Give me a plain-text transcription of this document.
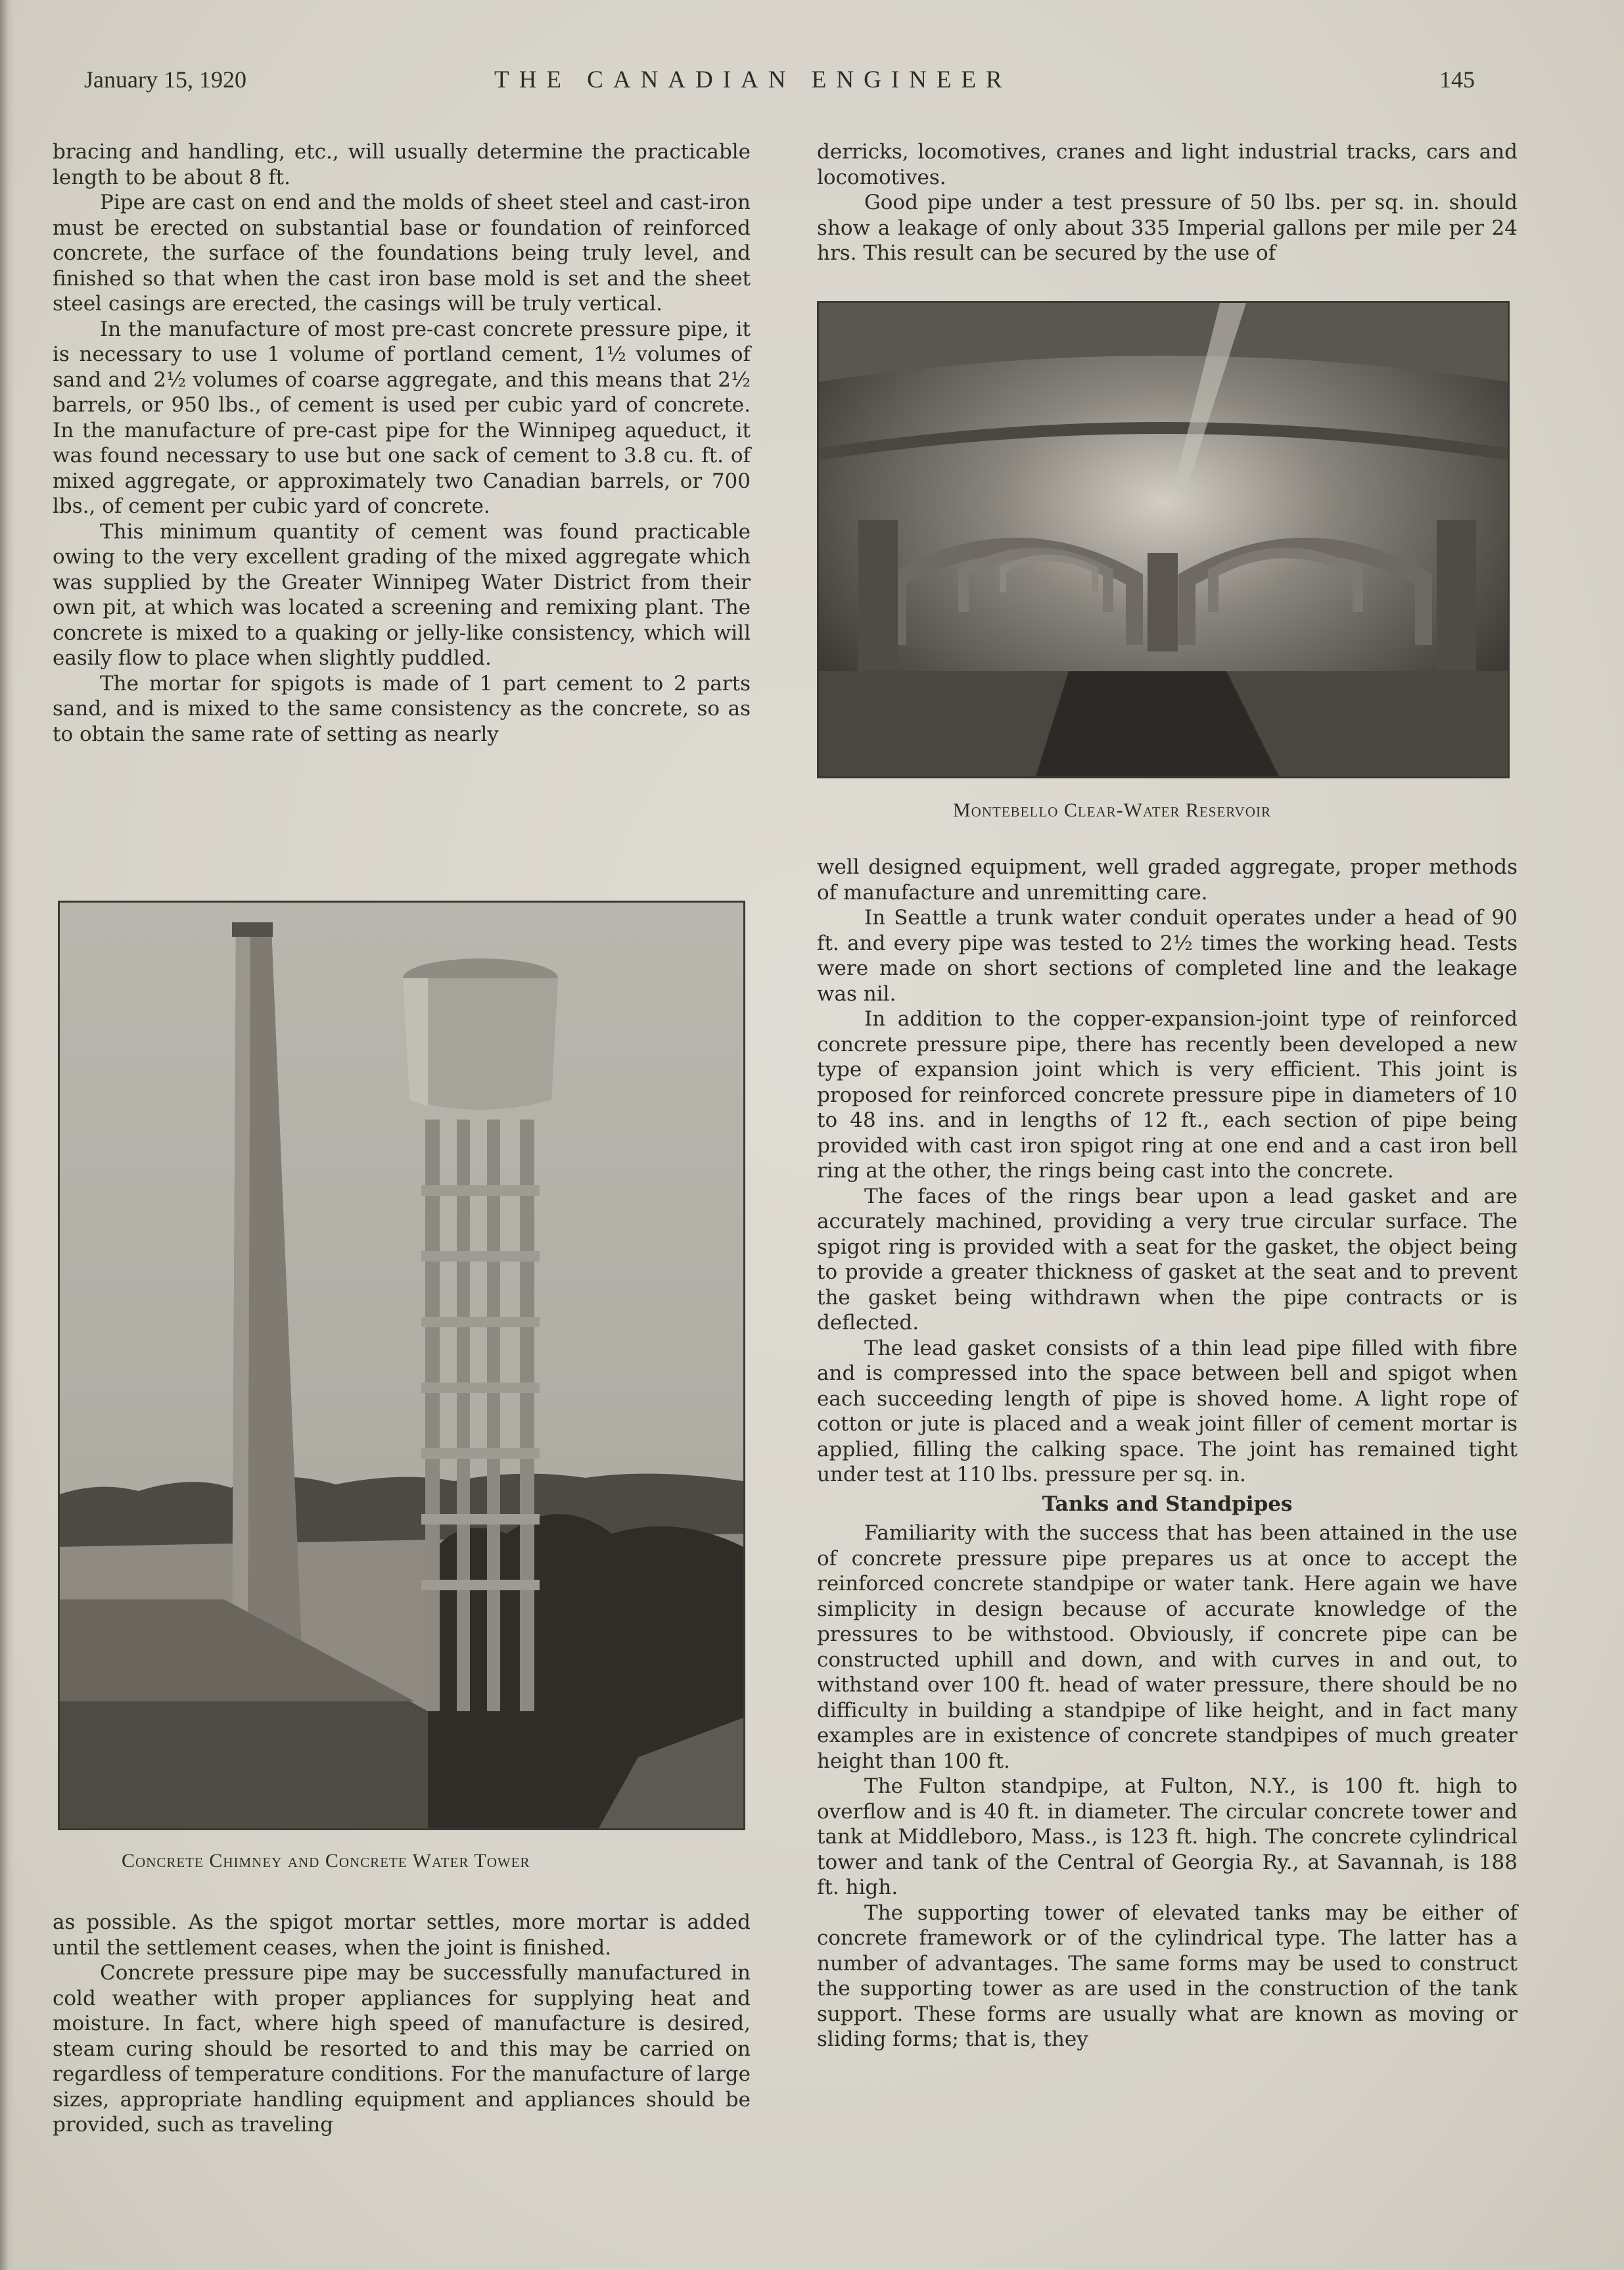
January 15, 1920	THE CANADIAN ENGINEER	145

bracing and handling, etc., will usually determine the practicable length to be about 8 ft.

Pipe are cast on end and the molds of sheet steel and cast-iron must be erected on substantial base or foundation of reinforced concrete, the surface of the foundations being truly level, and finished so that when the cast iron base mold is set and the sheet steel casings are erected, the casings will be truly vertical.

In the manufacture of most pre-cast concrete pressure pipe, it is necessary to use 1 volume of portland cement, 1½ volumes of sand and 2½ volumes of coarse aggregate, and this means that 2½ barrels, or 950 lbs., of cement is used per cubic yard of concrete. In the manufacture of pre-cast pipe for the Winnipeg aqueduct, it was found necessary to use but one sack of cement to 3.8 cu. ft. of mixed aggregate, or approximately two Canadian barrels, or 700 lbs., of cement per cubic yard of concrete.

This minimum quantity of cement was found practicable owing to the very excellent grading of the mixed aggregate which was supplied by the Greater Winnipeg Water District from their own pit, at which was located a screening and remixing plant. The concrete is mixed to a quaking or jelly-like consistency, which will easily flow to place when slightly puddled.

The mortar for spigots is made of 1 part cement to 2 parts sand, and is mixed to the same consistency as the concrete, so as to obtain the same rate of setting as nearly

Concrete Chimney and Concrete Water Tower

as possible. As the spigot mortar settles, more mortar is added until the settlement ceases, when the joint is finished.

Concrete pressure pipe may be successfully manufactured in cold weather with proper appliances for supplying heat and moisture. In fact, where high speed of manufacture is desired, steam curing should be resorted to and this may be carried on regardless of temperature conditions. For the manufacture of large sizes, appropriate handling equipment and appliances should be provided, such as traveling

derricks, locomotives, cranes and light industrial tracks, cars and locomotives.

Good pipe under a test pressure of 50 lbs. per sq. in. should show a leakage of only about 335 Imperial gallons per mile per 24 hrs. This result can be secured by the use of

Montebello Clear-Water Reservoir

well designed equipment, well graded aggregate, proper methods of manufacture and unremitting care.

In Seattle a trunk water conduit operates under a head of 90 ft. and every pipe was tested to 2½ times the working head. Tests were made on short sections of completed line and the leakage was nil.

In addition to the copper-expansion-joint type of reinforced concrete pressure pipe, there has recently been developed a new type of expansion joint which is very efficient. This joint is proposed for reinforced concrete pressure pipe in diameters of 10 to 48 ins. and in lengths of 12 ft., each section of pipe being provided with cast iron spigot ring at one end and a cast iron bell ring at the other, the rings being cast into the concrete.

The faces of the rings bear upon a lead gasket and are accurately machined, providing a very true circular surface. The spigot ring is provided with a seat for the gasket, the object being to provide a greater thickness of gasket at the seat and to prevent the gasket being withdrawn when the pipe contracts or is deflected.

The lead gasket consists of a thin lead pipe filled with fibre and is compressed into the space between bell and spigot when each succeeding length of pipe is shoved home. A light rope of cotton or jute is placed and a weak joint filler of cement mortar is applied, filling the calking space. The joint has remained tight under test at 110 lbs. pressure per sq. in.

Tanks and Standpipes

Familiarity with the success that has been attained in the use of concrete pressure pipe prepares us at once to accept the reinforced concrete standpipe or water tank. Here again we have simplicity in design because of accurate knowledge of the pressures to be withstood. Obviously, if concrete pipe can be constructed uphill and down, and with curves in and out, to withstand over 100 ft. head of water pressure, there should be no difficulty in building a standpipe of like height, and in fact many examples are in existence of concrete standpipes of much greater height than 100 ft.

The Fulton standpipe, at Fulton, N.Y., is 100 ft. high to overflow and is 40 ft. in diameter. The circular concrete tower and tank at Middleboro, Mass., is 123 ft. high. The concrete cylindrical tower and tank of the Central of Georgia Ry., at Savannah, is 188 ft. high.

The supporting tower of elevated tanks may be either of concrete framework or of the cylindrical type. The latter has a number of advantages. The same forms may be used to construct the supporting tower as are used in the construction of the tank support. These forms are usually what are known as moving or sliding forms; that is, they
